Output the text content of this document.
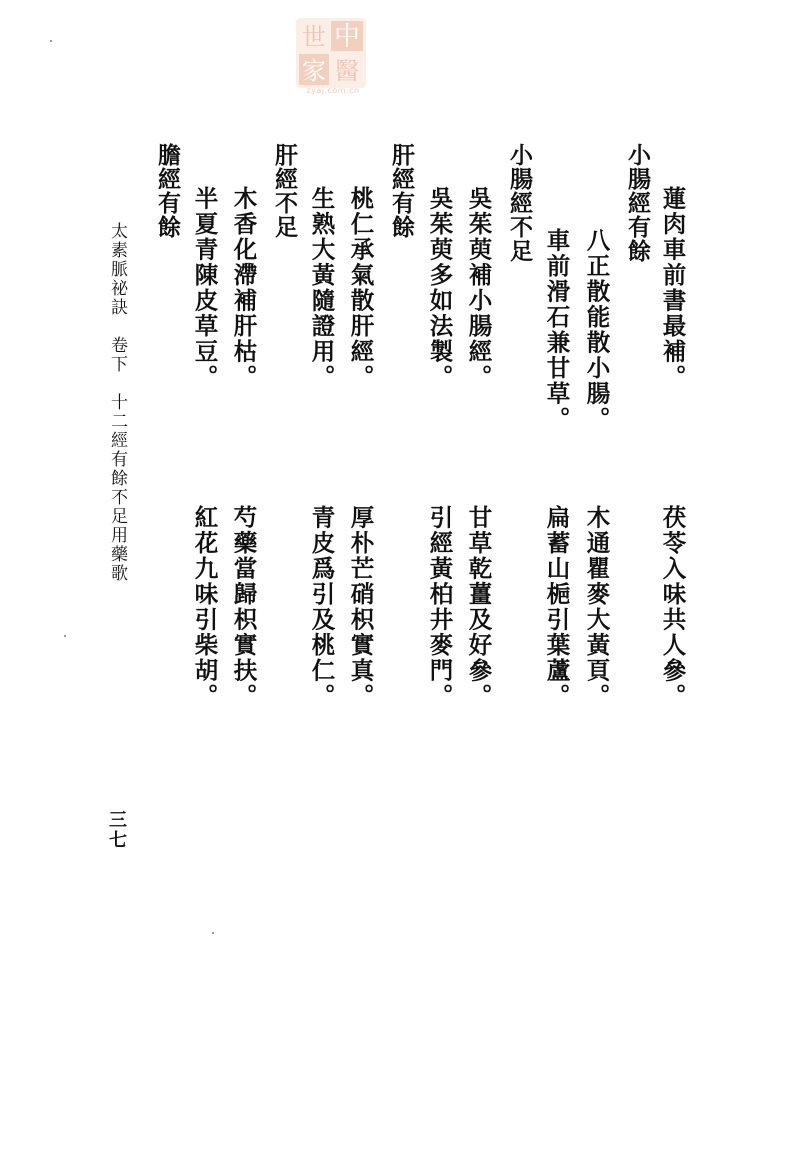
中
世
家 醫
zyaj.com.cn
蓮肉車前書最補。
茯苓入味共人參。
小腸經有餘
八正散能散小腸。
木通瞿麥大黃頁。
車前滑石兼甘草。
扁蓄山梔引葉蘆。
小腸經不足
吳茱萸補小腸經。
甘草乾薑及好參。
吳茱萸多如法製。
引經黃柏井麥門。
肝經有餘
桃仁承氣散肝經。
厚朴芒硝枳實真。
生熟大黃隨證用。
青皮爲引及桃仁。
肝經不足
木香化滯補肝枯。
芍藥當歸枳實扶。
半夏青陳皮草豆。
紅花九味引柴胡。
膽經有餘
太素脈祕訣　卷下　十二經有餘不足用藥歌
三七
